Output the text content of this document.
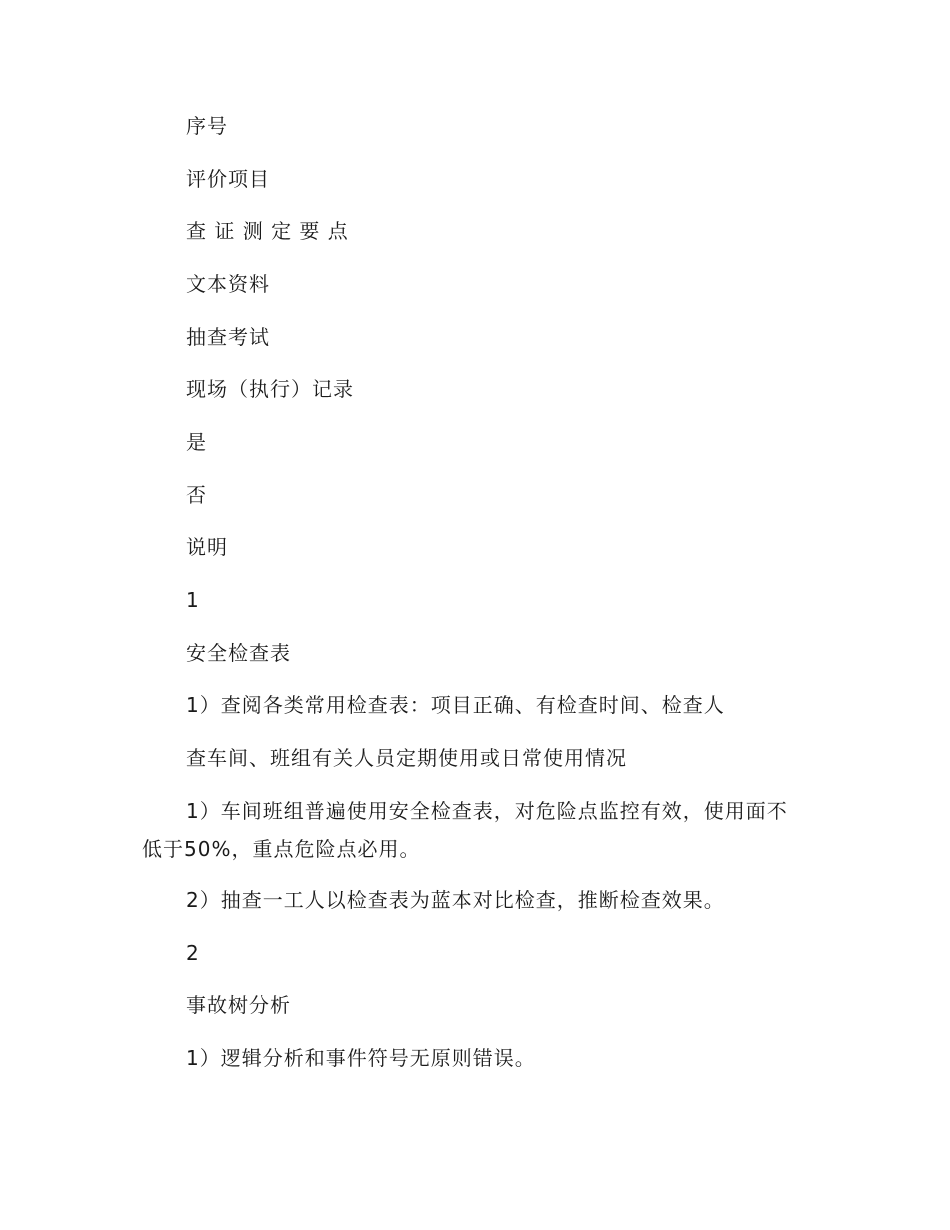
序号
评价项目
查 证 测 定 要 点
文本资料
抽查考试
现场（执行）记录
是
否
说明
1
安全检查表
1）查阅各类常用检查表：项目正确、有检查时间、检查人
查车间、班组有关人员定期使用或日常使用情况
1）车间班组普遍使用安全检查表，对危险点监控有效，使用面不
低于50%，重点危险点必用。
2）抽查一工人以检查表为蓝本对比检查，推断检查效果。
2
事故树分析
1）逻辑分析和事件符号无原则错误。
